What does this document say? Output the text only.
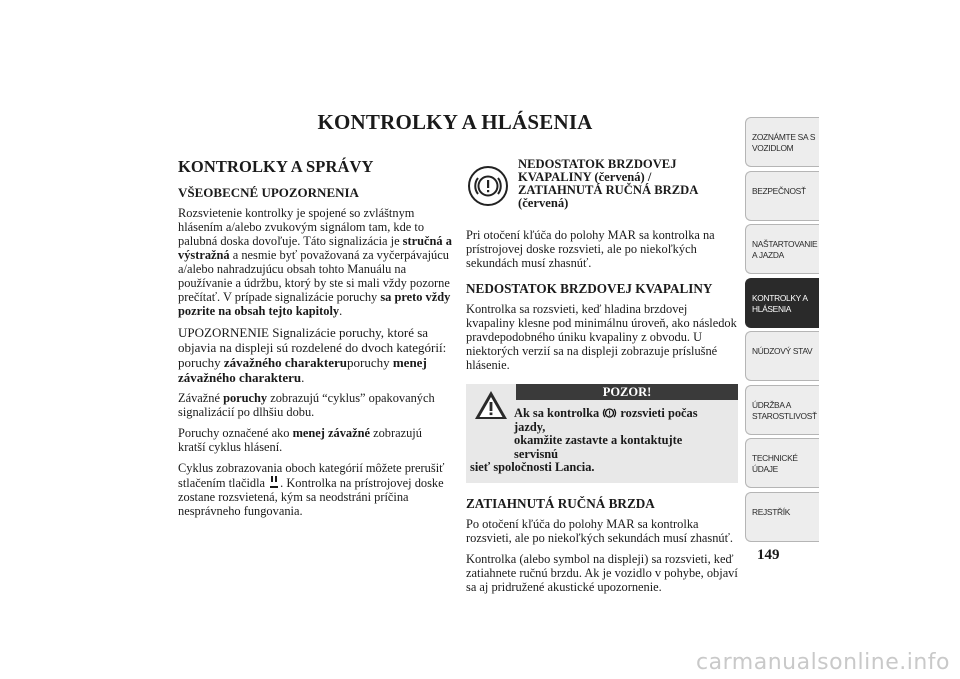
KONTROLKY A HLÁSENIA
KONTROLKY A SPRÁVY
VŠEOBECNÉ UPOZORNENIA

Rozsvietenie kontrolky je spojené so zvláštnym hlásením a/alebo zvukovým signálom tam, kde to palubná doska dovoľuje. Táto signalizácia je stručná a výstražná a nesmie byť považovaná za vyčerpávajúcu a/alebo nahradzujúcu obsah tohto Manuálu na používanie a údržbu, ktorý by ste si mali vždy pozorne prečítať. V prípade signalizácie poruchy sa preto vždy pozrite na obsah tejto kapitoly.

UPOZORNENIE Signalizácie poruchy, ktoré sa objavia na displeji sú rozdelené do dvoch kategórií: poruchy závažného charakteruporuchy menej závažného charakteru.

Závažné poruchy zobrazujú “cyklus” opakovaných signalizácií po dlhšiu dobu.

Poruchy označené ako menej závažné zobrazujú kratší cyklus hlásení.

Cyklus zobrazovania oboch kategórií môžete prerušiť stlačením tlačidla . Kontrolka na prístrojovej doske zostane rozsvietená, kým sa neodstráni príčina nesprávneho fungovania.

NEDOSTATOK BRZDOVEJ
KVAPALINY (červená) /
ZATIAHNUTÁ RUČNÁ BRZDA
(červená)

Pri otočení kľúča do polohy MAR sa kontrolka na prístrojovej doske rozsvieti, ale po niekoľkých sekundách musí zhasnúť.

NEDOSTATOK BRZDOVEJ KVAPALINY

Kontrolka sa rozsvieti, keď hladina brzdovej kvapaliny klesne pod minimálnu úroveň, ako následok pravdepodobného úniku kvapaliny z obvodu. U niektorých verzií sa na displeji zobrazuje príslušné hlásenie.

POZOR!
Ak sa kontrolka  rozsvieti počas jazdy,
okamžite zastavte a kontaktujte servisnú
sieť spoločnosti Lancia.
ZATIAHNUTÁ RUČNÁ BRZDA

Po otočení kľúča do polohy MAR sa kontrolka rozsvieti, ale po niekoľkých sekundách musí zhasnúť.

Kontrolka (alebo symbol na displeji) sa rozsvieti, keď zatiahnete ručnú brzdu. Ak je vozidlo v pohybe, objaví sa aj pridružené akustické upozornenie.

ZOZNÁMTE SA S
VOZIDLOM
BEZPEČNOSŤ
NAŠTARTOVANIE
A JAZDA
KONTROLKY A
HLÁSENIA
NÚDZOVÝ STAV
ÚDRŽBA A
STAROSTLIVOSŤ
TECHNICKÉ
ÚDAJE
REJSTŘÍK
149
carmanualsonline.info
